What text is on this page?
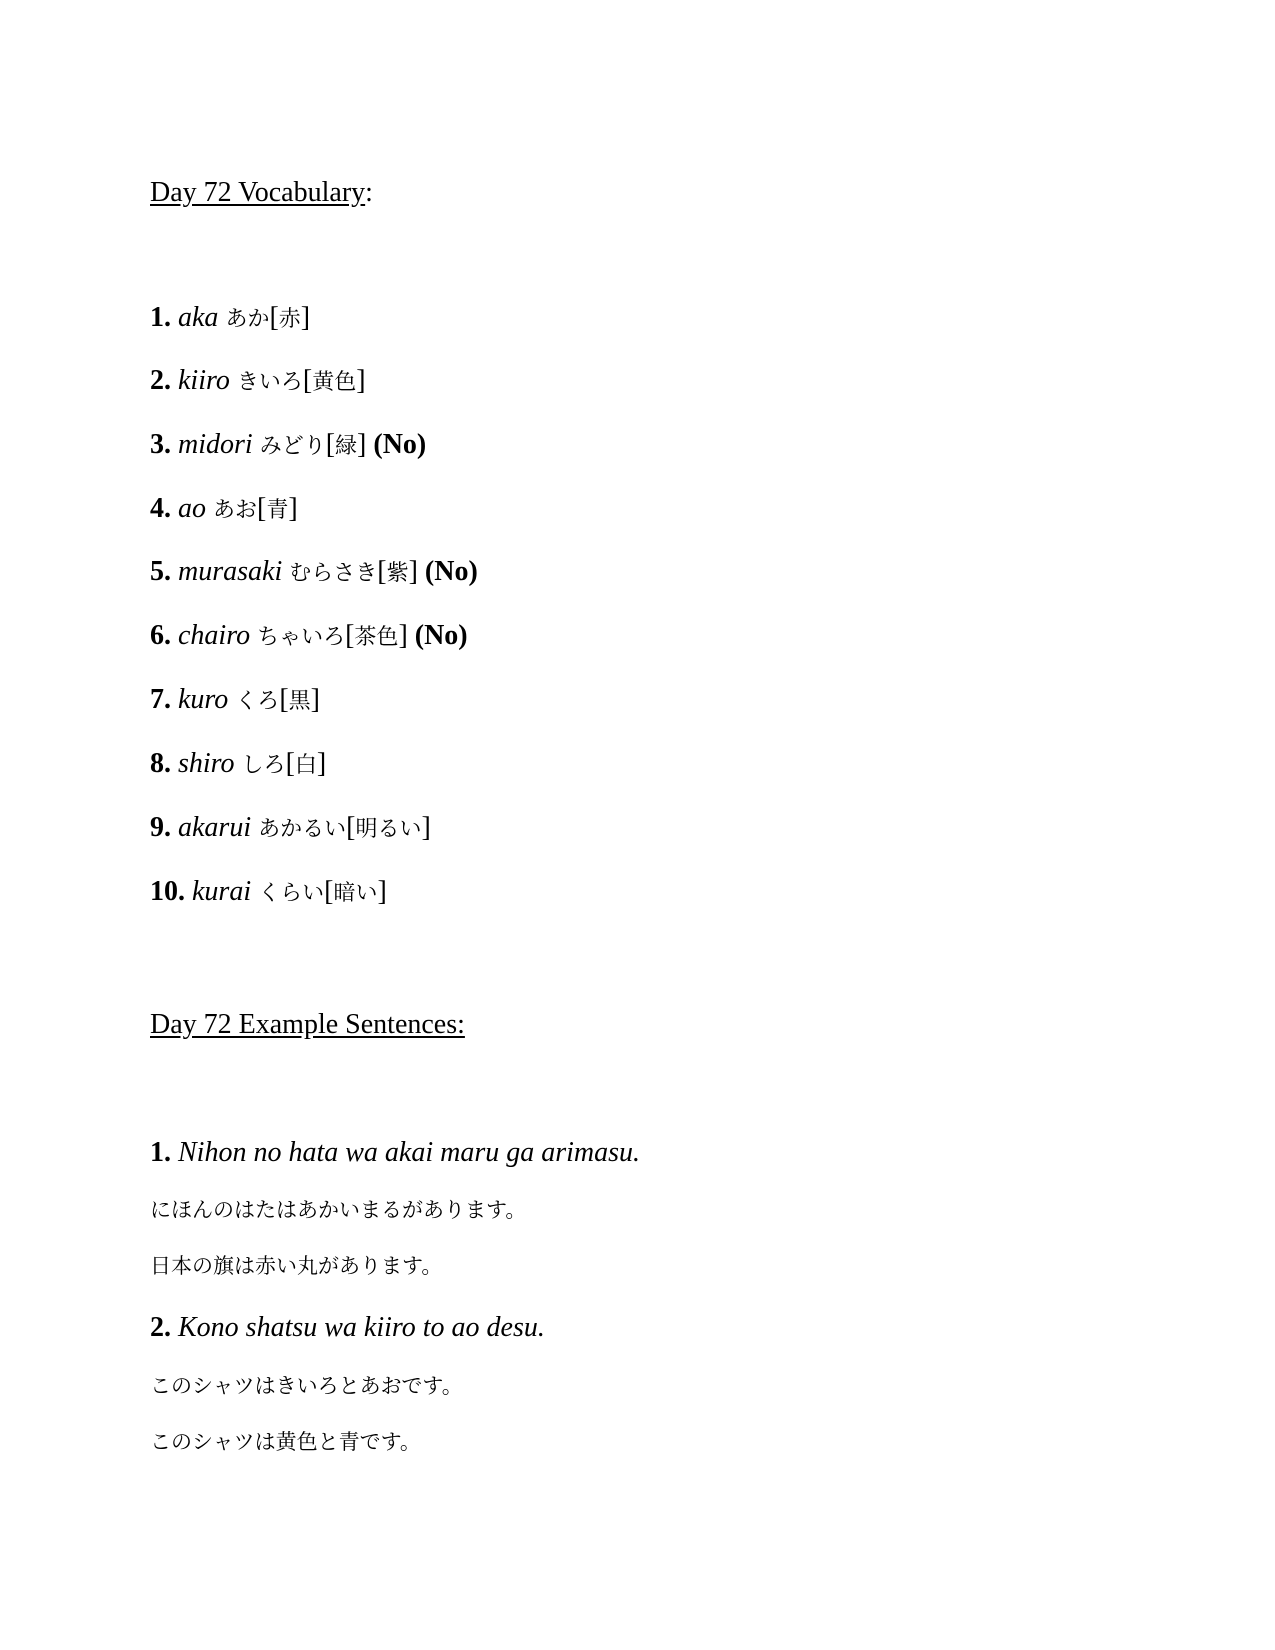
Day 72 Vocabulary:
1. aka あか[赤]
2. kiiro きいろ[黄色]
3. midori みどり[緑] (No)
4. ao あお[青]
5. murasaki むらさき[紫] (No)
6. chairo ちゃいろ[茶色] (No)
7. kuro くろ[黒]
8. shiro しろ[白]
9. akarui あかるい[明るい]
10. kurai くらい[暗い]
Day 72 Example Sentences:
1. Nihon no hata wa akai maru ga arimasu.
にほんのはたはあかいまるがあります。
日本の旗は赤い丸があります。
2. Kono shatsu wa kiiro to ao desu.
このシャツはきいろとあおです。
このシャツは黄色と青です。
